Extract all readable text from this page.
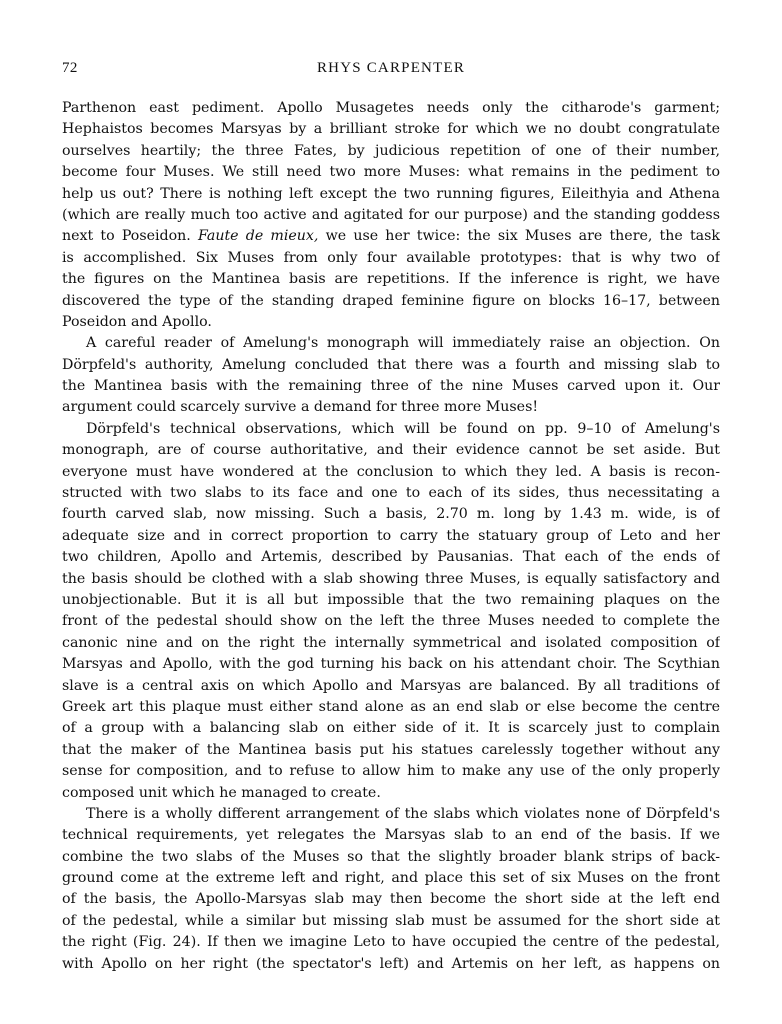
72	RHYS CARPENTER

Parthenon east pediment. Apollo Musagetes needs only the citharode's garment;
Hephaistos becomes Marsyas by a brilliant stroke for which we no doubt congratulate
ourselves heartily; the three Fates, by judicious repetition of one of their number,
become four Muses. We still need two more Muses: what remains in the pediment to
help us out? There is nothing left except the two running figures, Eileithyia and Athena
(which are really much too active and agitated for our purpose) and the standing goddess
next to Poseidon. Faute de mieux, we use her twice: the six Muses are there, the task
is accomplished. Six Muses from only four available prototypes: that is why two of
the figures on the Mantinea basis are repetitions. If the inference is right, we have
discovered the type of the standing draped feminine figure on blocks 16–17, between
Poseidon and Apollo.

A careful reader of Amelung's monograph will immediately raise an objection. On
Dörpfeld's authority, Amelung concluded that there was a fourth and missing slab to
the Mantinea basis with the remaining three of the nine Muses carved upon it. Our
argument could scarcely survive a demand for three more Muses!

Dörpfeld's technical observations, which will be found on pp. 9–10 of Amelung's
monograph, are of course authoritative, and their evidence cannot be set aside. But
everyone must have wondered at the conclusion to which they led. A basis is recon-
structed with two slabs to its face and one to each of its sides, thus necessitating a
fourth carved slab, now missing. Such a basis, 2.70 m. long by 1.43 m. wide, is of
adequate size and in correct proportion to carry the statuary group of Leto and her
two children, Apollo and Artemis, described by Pausanias. That each of the ends of
the basis should be clothed with a slab showing three Muses, is equally satisfactory and
unobjectionable. But it is all but impossible that the two remaining plaques on the
front of the pedestal should show on the left the three Muses needed to complete the
canonic nine and on the right the internally symmetrical and isolated composition of
Marsyas and Apollo, with the god turning his back on his attendant choir. The Scythian
slave is a central axis on which Apollo and Marsyas are balanced. By all traditions of
Greek art this plaque must either stand alone as an end slab or else become the centre
of a group with a balancing slab on either side of it. It is scarcely just to complain
that the maker of the Mantinea basis put his statues carelessly together without any
sense for composition, and to refuse to allow him to make any use of the only properly
composed unit which he managed to create.

There is a wholly different arrangement of the slabs which violates none of Dörpfeld's
technical requirements, yet relegates the Marsyas slab to an end of the basis. If we
combine the two slabs of the Muses so that the slightly broader blank strips of back-
ground come at the extreme left and right, and place this set of six Muses on the front
of the basis, the Apollo-Marsyas slab may then become the short side at the left end
of the pedestal, while a similar but missing slab must be assumed for the short side at
the right (Fig. 24). If then we imagine Leto to have occupied the centre of the pedestal,
with Apollo on her right (the spectator's left) and Artemis on her left, as happens on
